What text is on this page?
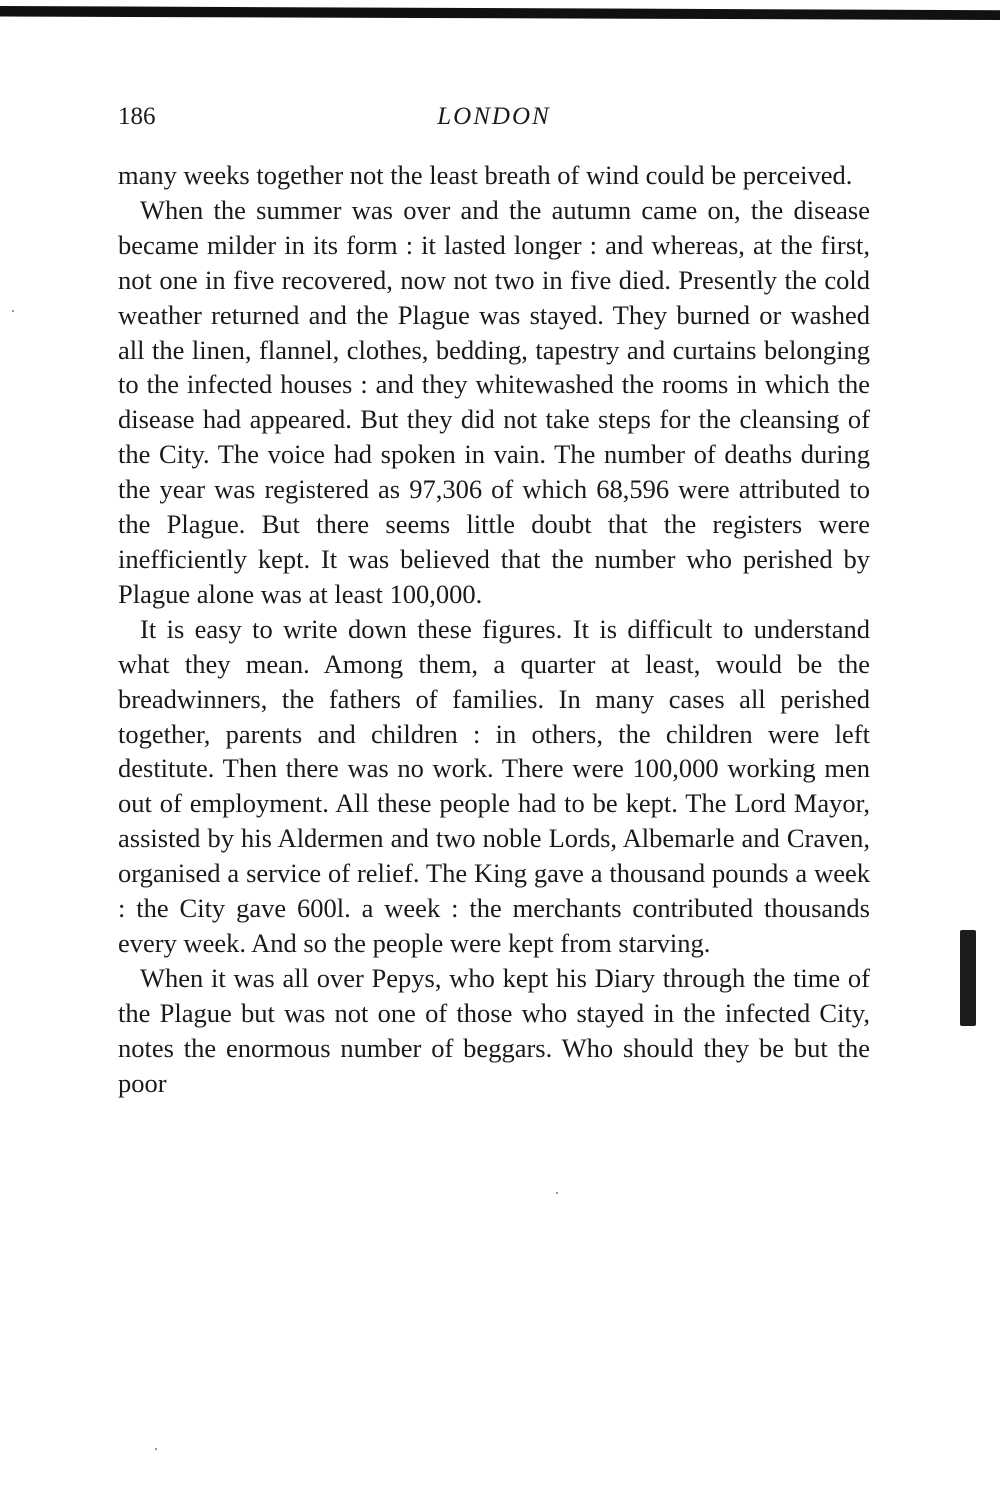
186	LONDON

many weeks together not the least breath of wind could be perceived.

When the summer was over and the autumn came on, the disease became milder in its form : it lasted longer : and whereas, at the first, not one in five recovered, now not two in five died. Presently the cold weather returned and the Plague was stayed. They burned or washed all the linen, flannel, clothes, bedding, tapestry and curtains belonging to the infected houses : and they whitewashed the rooms in which the disease had appeared. But they did not take steps for the cleansing of the City. The voice had spoken in vain. The number of deaths during the year was registered as 97,306 of which 68,596 were attributed to the Plague. But there seems little doubt that the registers were inefficiently kept. It was believed that the number who perished by Plague alone was at least 100,000.

It is easy to write down these figures. It is difficult to understand what they mean. Among them, a quarter at least, would be the breadwinners, the fathers of families. In many cases all perished together, parents and children : in others, the children were left destitute. Then there was no work. There were 100,000 working men out of employment. All these people had to be kept. The Lord Mayor, assisted by his Aldermen and two noble Lords, Albemarle and Craven, organised a service of relief. The King gave a thousand pounds a week : the City gave 600l. a week : the merchants contributed thousands every week. And so the people were kept from starving.

When it was all over Pepys, who kept his Diary through the time of the Plague but was not one of those who stayed in the infected City, notes the enormous number of beggars. Who should they be but the poor
